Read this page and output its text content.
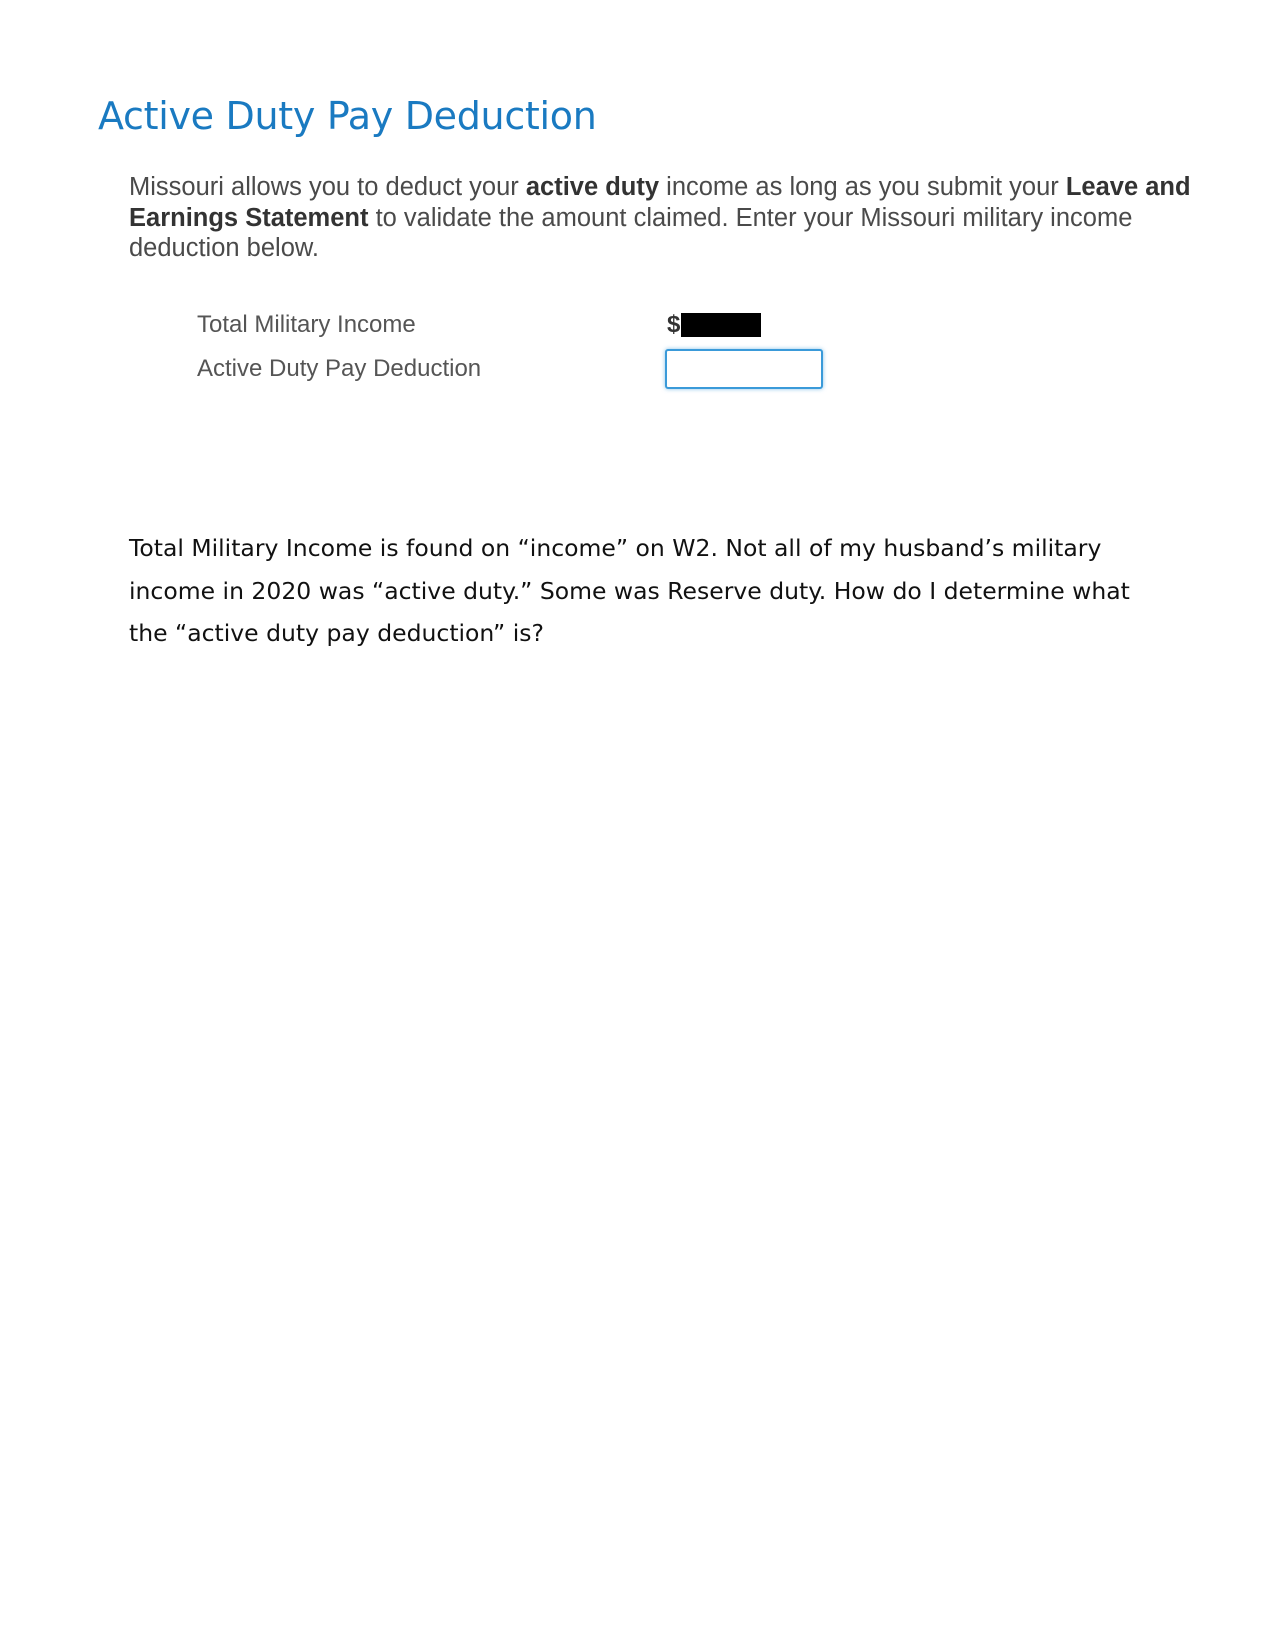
Active Duty Pay Deduction

Missouri allows you to deduct your active duty income as long as you submit your Leave and Earnings Statement to validate the amount claimed. Enter your Missouri military income deduction below.

Total Military Income	$
Active Duty Pay Deduction

Total Military Income is found on “income” on W2. Not all of my husband’s military income in 2020 was “active duty.” Some was Reserve duty. How do I determine what the “active duty pay deduction” is?
